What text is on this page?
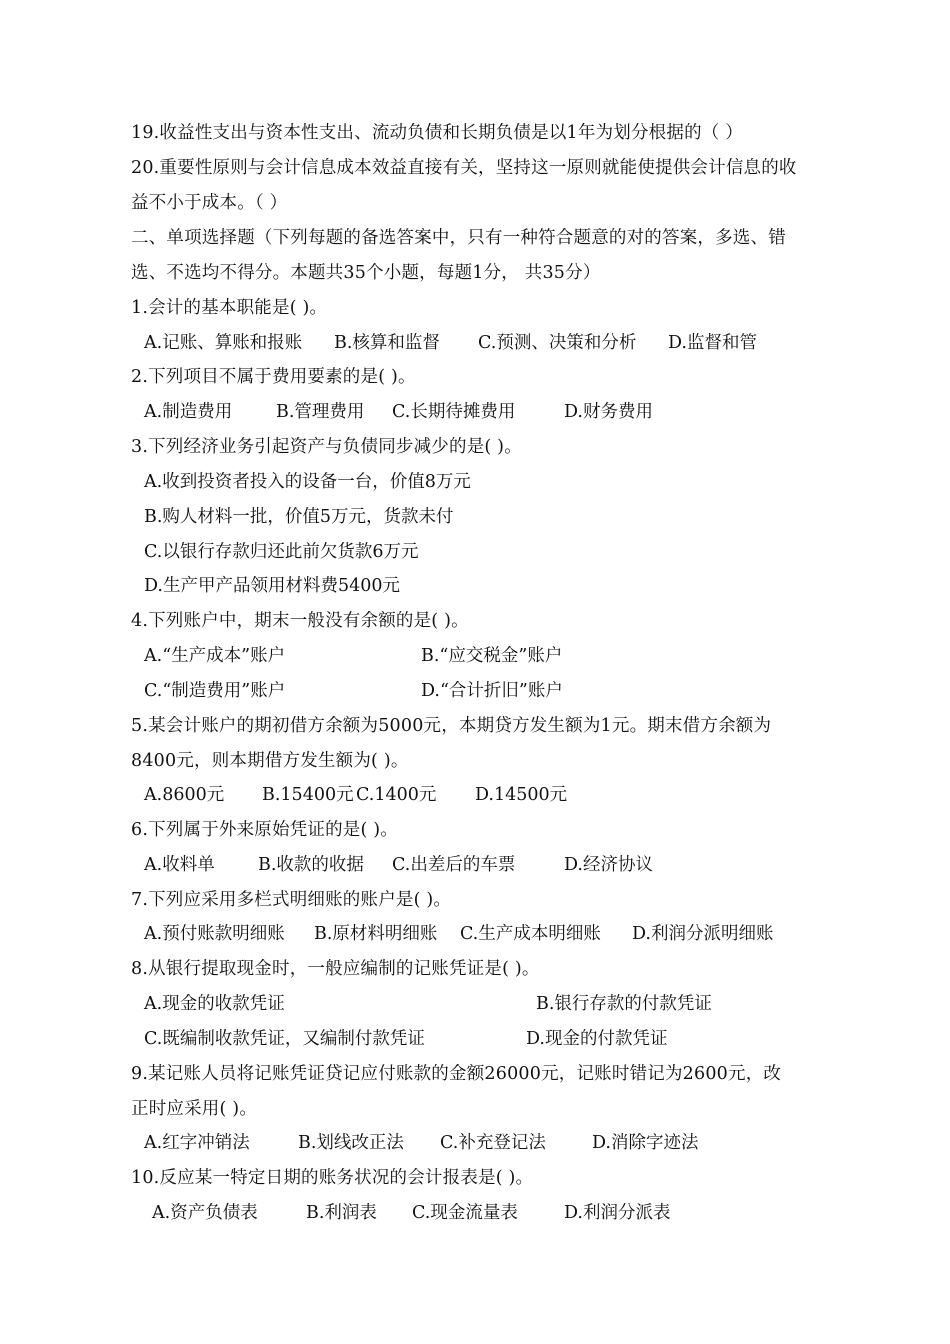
19.收益性支出与资本性支出、流动负债和长期负债是以1年为划分根据的（ ）
20.重要性原则与会计信息成本效益直接有关，坚持这一原则就能使提供会计信息的收
益不小于成本。（ ）
二、单项选择题（下列每题的备选答案中，只有一种符合题意的对的答案，多选、错
选、不选均不得分。本题共35个小题，每题1分， 共35分）
1.会计的基本职能是( )。
A.记账、算账和报账 B.核算和监督 C.预测、决策和分析 D.监督和管
2.下列项目不属于费用要素的是( )。
A.制造费用	B.管理费用 C.长期待摊费用	D.财务费用
3.下列经济业务引起资产与负债同步减少的是( )。
A.收到投资者投入的设备一台，价值8万元
B.购人材料一批，价值5万元，货款未付
C.以银行存款归还此前欠货款6万元
D.生产甲产品领用材料费5400元
4.下列账户中，期末一般没有余额的是( )。
A.“生产成本”账户	B.“应交税金”账户
C.“制造费用”账户	D.“合计折旧”账户
5.某会计账户的期初借方余额为5000元，本期贷方发生额为1元。期末借方余额为
8400元，则本期借方发生额为( )。
A.8600元 B.15400元 C.1400元 D.14500元
6.下列属于外来原始凭证的是( )。
A.收料单 B.收款的收据 C.出差后的车票	D.经济协议
7.下列应采用多栏式明细账的账户是( )。
A.预付账款明细账 B.原材料明细账 C.生产成本明细账 D.利润分派明细账
8.从银行提取现金时，一般应编制的记账凭证是( )。
A.现金的收款凭证	B.银行存款的付款凭证
C.既编制收款凭证，又编制付款凭证	D.现金的付款凭证
9.某记账人员将记账凭证贷记应付账款的金额26000元，记账时错记为2600元，改
正时应采用( )。
A.红字冲销法	B.划线改正法 C.补充登记法	D.消除字迹法
10.反应某一特定日期的账务状况的会计报表是( )。
A.资产负债表	B.利润表 C.现金流量表	D.利润分派表
